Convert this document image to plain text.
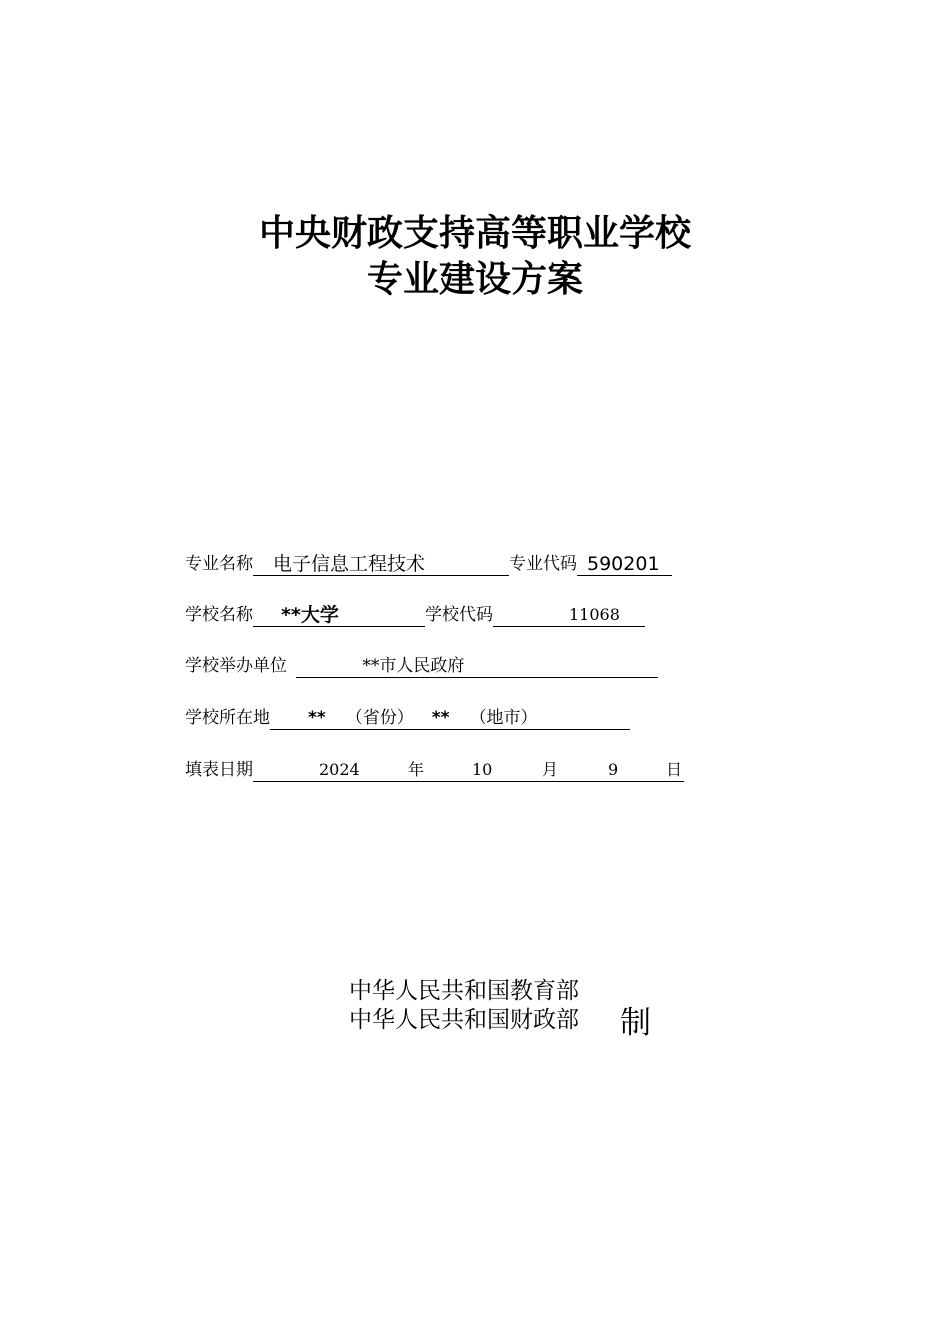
中央财政支持高等职业学校
专业建设方案
专业名称 电子信息工程技术	专业代码 590201
学校名称 **大学	学校代码	11068
学校举办单位	**市人民政府
学校所在地 ** （省份） ** （地市）
填表日期	2024	年	10	月	9	日

中华人民共和国教育部
中华人民共和国财政部 制
